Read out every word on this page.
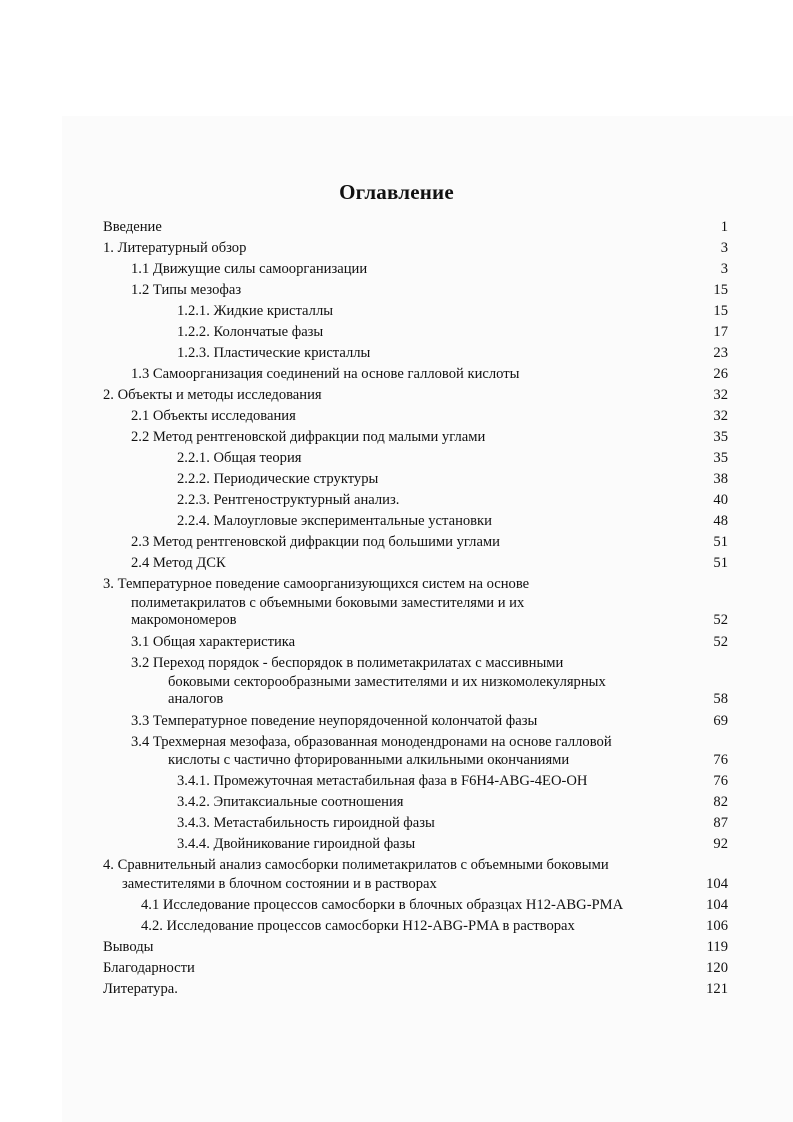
Оглавление
Введение	1
1. Литературный обзор	3
1.1 Движущие силы самоорганизации	3
1.2 Типы мезофаз	15
1.2.1. Жидкие кристаллы	15
1.2.2. Колончатые фазы	17
1.2.3. Пластические кристаллы	23
1.3 Самоорганизация соединений на основе галловой кислоты	26
2. Объекты и методы исследования	32
2.1 Объекты исследования	32
2.2 Метод рентгеновской дифракции под малыми углами	35
2.2.1. Общая теория	35
2.2.2. Периодические структуры	38
2.2.3. Рентгеноструктурный анализ.	40
2.2.4. Малоугловые экспериментальные установки	48
2.3 Метод рентгеновской дифракции под большими углами	51
2.4 Метод ДСК	51
3. Температурное поведение самоорганизующихся систем на основе
полиметакрилатов с объемными боковыми заместителями и их
макромономеров	52
3.1 Общая характеристика	52
3.2 Переход порядок - беспорядок в полиметакрилатах с массивными
боковыми секторообразными заместителями и их низкомолекулярных
аналогов	58
3.3 Температурное поведение неупорядоченной колончатой фазы	69
3.4 Трехмерная мезофаза, образованная монодендронами на основе галловой
кислоты с частично фторированными алкильными окончаниями	76
3.4.1. Промежуточная метастабильная фаза в F6H4-ABG-4EO-OH	76
3.4.2. Эпитаксиальные соотношения	82
3.4.3. Метастабильность гироидной фазы	87
3.4.4. Двойникование гироидной фазы	92
4. Сравнительный анализ самосборки полиметакрилатов с объемными боковыми
заместителями в блочном состоянии и в растворах	104
4.1 Исследование процессов самосборки в блочных образцах H12-ABG-PMA	104
4.2. Исследование процессов самосборки H12-ABG-PMA в растворах	106
Выводы	119
Благодарности	120
Литература.	121
